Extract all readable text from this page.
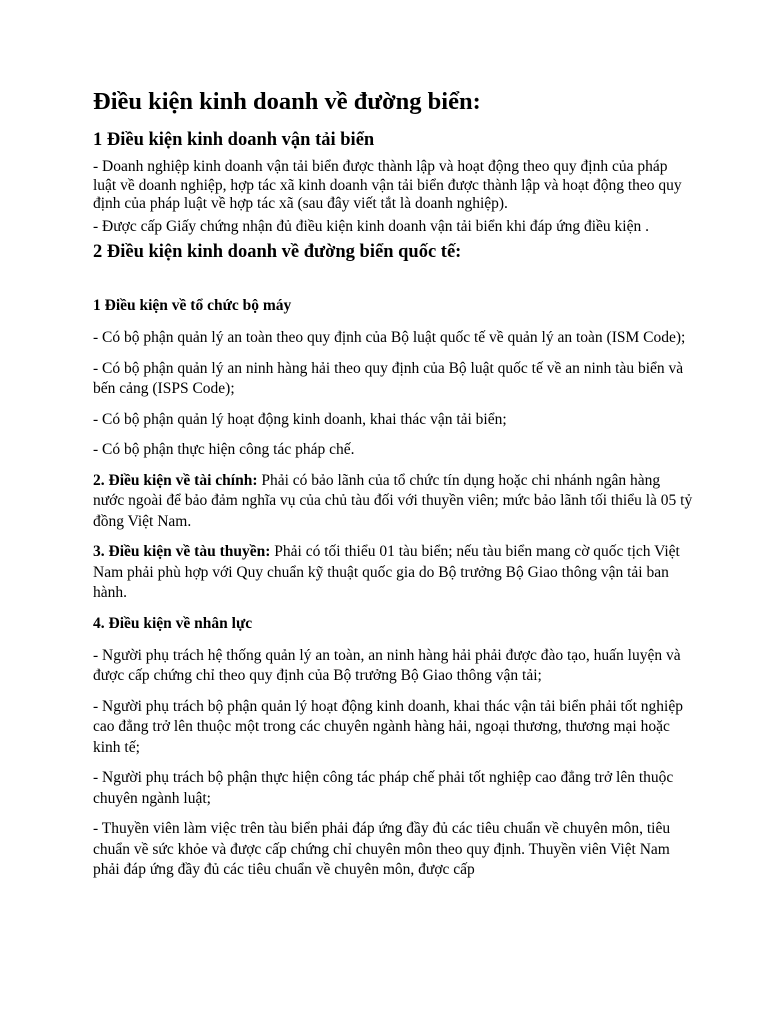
Điều kiện kinh doanh về đường biển:
1 Điều kiện kinh doanh vận tải biển
- Doanh nghiệp kinh doanh vận tải biển được thành lập và hoạt động theo quy định của pháp luật về doanh nghiệp, hợp tác xã kinh doanh vận tải biển được thành lập và hoạt động theo quy định của pháp luật về hợp tác xã (sau đây viết tắt là doanh nghiệp).
- Được cấp Giấy chứng nhận đủ điều kiện kinh doanh vận tải biển khi đáp ứng điều kiện .
2 Điều kiện kinh doanh về đường biển quốc tế:
1 Điều kiện về tổ chức bộ máy
- Có bộ phận quản lý an toàn theo quy định của Bộ luật quốc tế về quản lý an toàn (ISM Code);
- Có bộ phận quản lý an ninh hàng hải theo quy định của Bộ luật quốc tế về an ninh tàu biển và bến cảng (ISPS Code);
- Có bộ phận quản lý hoạt động kinh doanh, khai thác vận tải biển;
- Có bộ phận thực hiện công tác pháp chế.
2. Điều kiện về tài chính: Phải có bảo lãnh của tổ chức tín dụng hoặc chi nhánh ngân hàng nước ngoài để bảo đảm nghĩa vụ của chủ tàu đối với thuyền viên; mức bảo lãnh tối thiểu là 05 tỷ đồng Việt Nam.
3. Điều kiện về tàu thuyền: Phải có tối thiểu 01 tàu biển; nếu tàu biển mang cờ quốc tịch Việt Nam phải phù hợp với Quy chuẩn kỹ thuật quốc gia do Bộ trưởng Bộ Giao thông vận tải ban hành.
4. Điều kiện về nhân lực
- Người phụ trách hệ thống quản lý an toàn, an ninh hàng hải phải được đào tạo, huấn luyện và được cấp chứng chỉ theo quy định của Bộ trưởng Bộ Giao thông vận tải;
- Người phụ trách bộ phận quản lý hoạt động kinh doanh, khai thác vận tải biển phải tốt nghiệp cao đẳng trở lên thuộc một trong các chuyên ngành hàng hải, ngoại thương, thương mại hoặc kinh tế;
- Người phụ trách bộ phận thực hiện công tác pháp chế phải tốt nghiệp cao đẳng trở lên thuộc chuyên ngành luật;
- Thuyền viên làm việc trên tàu biển phải đáp ứng đầy đủ các tiêu chuẩn về chuyên môn, tiêu chuẩn về sức khỏe và được cấp chứng chỉ chuyên môn theo quy định. Thuyền viên Việt Nam phải đáp ứng đầy đủ các tiêu chuẩn về chuyên môn, được cấp
